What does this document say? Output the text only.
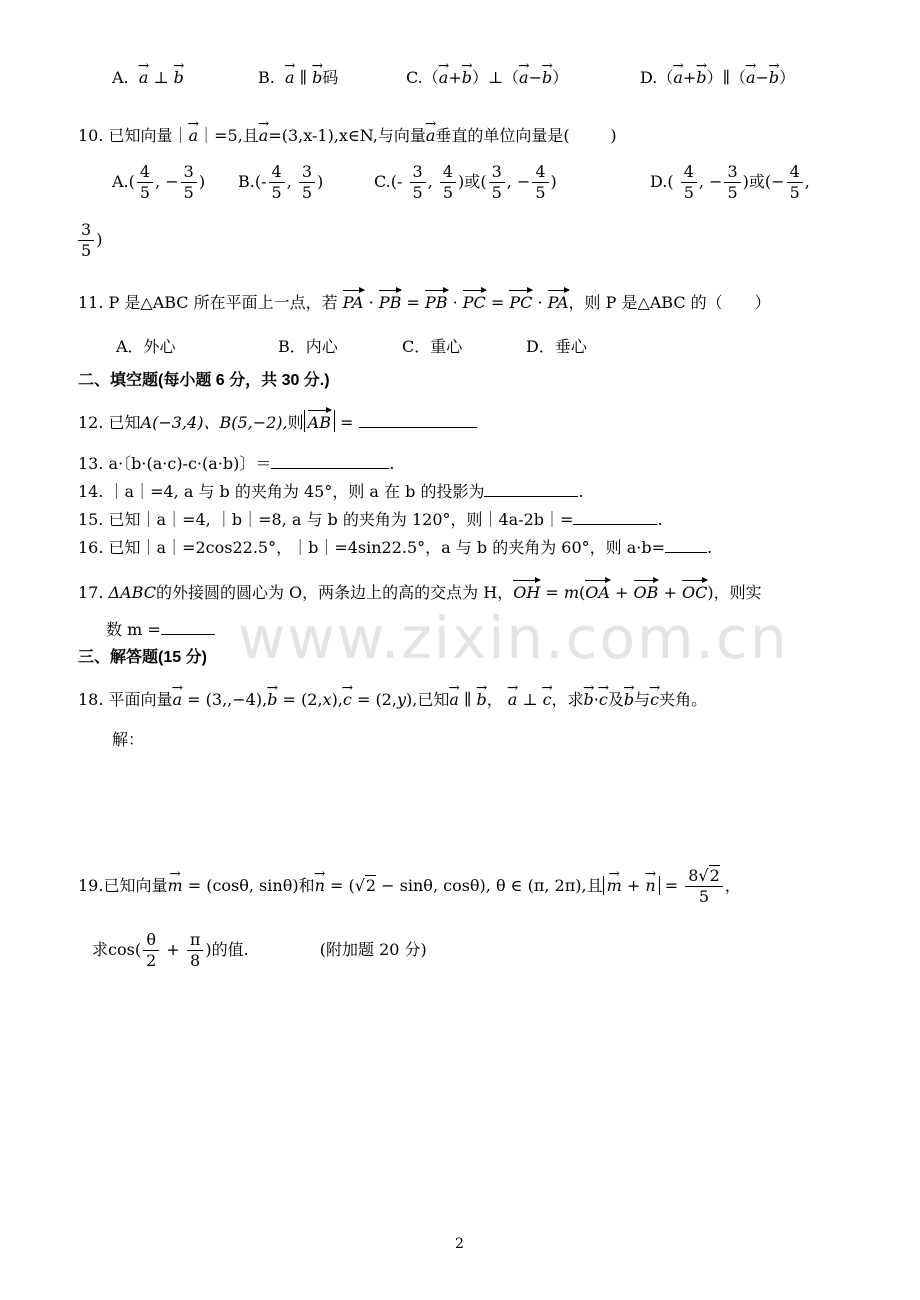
www.zixin.com.cn
A. → a ⊥ → b	B. → a ∥ → b码	C.（→ a+→ b）⊥（→ a−→ b）	D.（→ a+→ b）∥（→ a−→ b）
10. 已知向量｜→ a｜=5,且→ a=(3,x-1),x∈N,与向量→ a垂直的单位向量是(	)
$A.( \frac{4}{5}$ , − $\frac{3}{5}$ ) $B.(- \frac{4}{5}$ , $\frac{3}{5}$ )	$C.(- \frac{3}{5}$ , $\frac{4}{5}$ )或( $\frac{3}{5}$ , − $\frac{4}{5}$ )	$D.( \frac{4}{5}$ , − $\frac{3}{5}$ )或(− $\frac{4}{5}$ ,
$\frac{3}{5}$ )
11. P 是△ABC 所在平面上一点，若 PA · PB = PB · PC = PC · PA，则 P 是△ABC 的（　　）
A．外心	B．内心	C．重心	D．垂心
二、填空题(每小题 6 分，共 30 分.)
12. 已知A(−3,4)、B(5,−2),则 AB =
13. a·〔b·(a·c)-c·(a·b)〕＝	.
14. ｜a｜=4, a 与 b 的夹角为 45°，则 a 在 b 的投影为	.
15. 已知｜a｜=4, ｜b｜=8, a 与 b 的夹角为 120°，则｜4a-2b｜=	.
16. 已知｜a｜=2cos22.5°，｜b｜=4sin22.5°，a 与 b 的夹角为 60°，则 a·b=	.
17. ΔABC的外接圆的圆心为 O，两条边上的高的交点为 H，OH = m(OA + OB + OC)，则实
数 m =
三、解答题(15 分)
18. 平面向量→ a = (3,,−4),→ b = (2,x),→ c = (2,y),已知→ a ∥ → b， → a ⊥ → c，求→ b·→ c及→ b与→ c夹角。
解：
19.已知向量→ m = (cosθ, sinθ)和→ n = (√2 − sinθ, cosθ), θ ∈ (π, 2π),且 → m + → $n = \frac{8√2}{5}$ ，
求$\cos( \frac{\theta}{2} + \frac{\pi}{8}$ )的值.	(附加题 20 分)
2
